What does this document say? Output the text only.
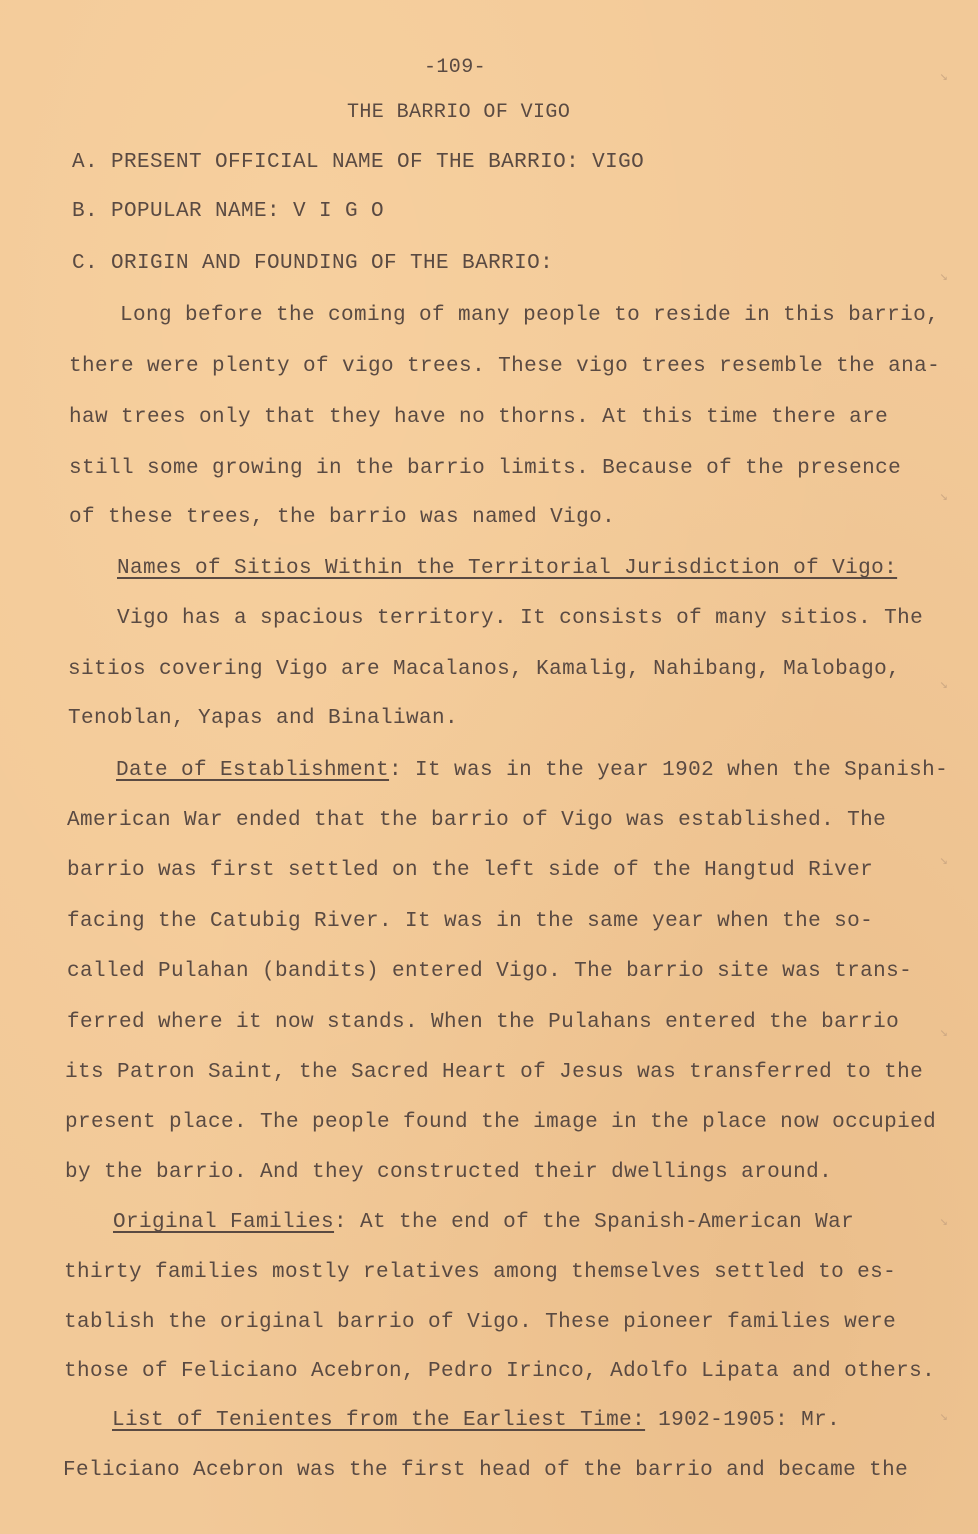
-109-
THE BARRIO OF VIGO
A. PRESENT OFFICIAL NAME OF THE BARRIO: VIGO
B. POPULAR NAME: V I G O
C. ORIGIN AND FOUNDING OF THE BARRIO:
Long before the coming of many people to reside in this barrio,
there were plenty of vigo trees. These vigo trees resemble the ana-
haw trees only that they have no thorns. At this time there are
still some growing in the barrio limits. Because of the presence
of these trees, the barrio was named Vigo.
Names of Sitios Within the Territorial Jurisdiction of Vigo:
Vigo has a spacious territory. It consists of many sitios. The
sitios covering Vigo are Macalanos, Kamalig, Nahibang, Malobago,
Tenoblan, Yapas and Binaliwan.
Date of Establishment: It was in the year 1902 when the Spanish-
American War ended that the barrio of Vigo was established. The
barrio was first settled on the left side of the Hangtud River
facing the Catubig River. It was in the same year when the so-
called Pulahan (bandits) entered Vigo. The barrio site was trans-
ferred where it now stands. When the Pulahans entered the barrio
its Patron Saint, the Sacred Heart of Jesus was transferred to the
present place. The people found the image in the place now occupied
by the barrio. And they constructed their dwellings around.
Original Families: At the end of the Spanish-American War
thirty families mostly relatives among themselves settled to es-
tablish the original barrio of Vigo. These pioneer families were
those of Feliciano Acebron, Pedro Irinco, Adolfo Lipata and others.
List of Tenientes from the Earliest Time: 1902-1905: Mr.
Feliciano Acebron was the first head of the barrio and became the
↘
↘
↘
↘
↘
↘
↘
↘
